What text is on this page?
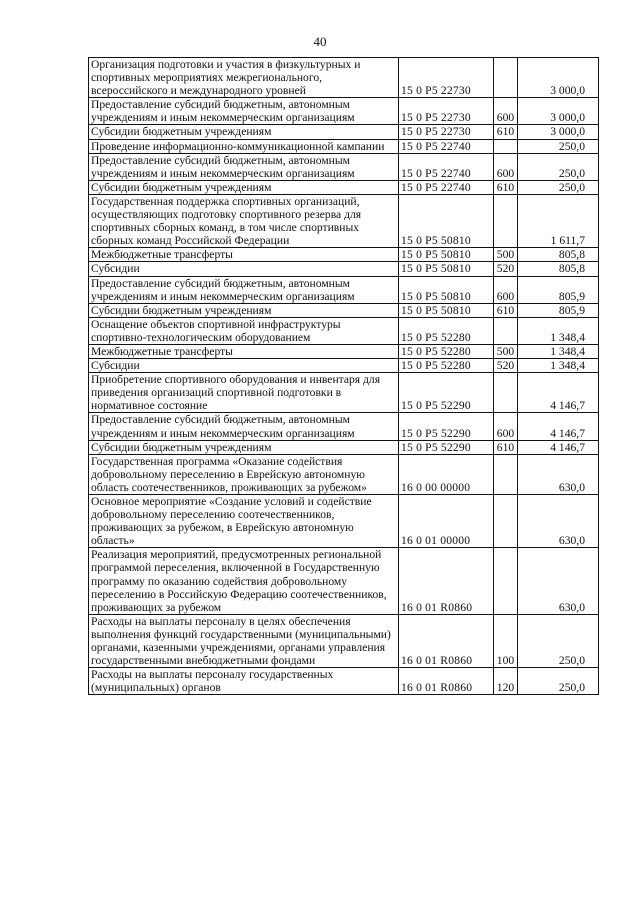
40
Организация подготовки и участия в физкультурных и спортивных мероприятиях межрегионального, всероссийского и международного уровней	15 0 Р5 22730		3 000,0
Предоставление субсидий бюджетным, автономным учреждениям и иным некоммерческим организациям	15 0 Р5 22730	600	3 000,0
Субсидии бюджетным учреждениям	15 0 Р5 22730	610	3 000,0
Проведение информационно-коммуникационной кампании	15 0 Р5 22740		250,0
Предоставление субсидий бюджетным, автономным учреждениям и иным некоммерческим организациям	15 0 Р5 22740	600	250,0
Субсидии бюджетным учреждениям	15 0 Р5 22740	610	250,0
Государственная поддержка спортивных организаций, осуществляющих подготовку спортивного резерва для спортивных сборных команд, в том числе спортивных сборных команд Российской Федерации	15 0 Р5 50810		1 611,7
Межбюджетные трансферты	15 0 Р5 50810	500	805,8
Субсидии	15 0 Р5 50810	520	805,8
Предоставление субсидий бюджетным, автономным учреждениям и иным некоммерческим организациям	15 0 Р5 50810	600	805,9
Субсидии бюджетным учреждениям	15 0 Р5 50810	610	805,9
Оснащение объектов спортивной инфраструктуры спортивно-технологическим оборудованием	15 0 Р5 52280		1 348,4
Межбюджетные трансферты	15 0 Р5 52280	500	1 348,4
Субсидии	15 0 Р5 52280	520	1 348,4
Приобретение спортивного оборудования и инвентаря для приведения организаций спортивной подготовки в нормативное состояние	15 0 Р5 52290		4 146,7
Предоставление субсидий бюджетным, автономным учреждениям и иным некоммерческим организациям	15 0 Р5 52290	600	4 146,7
Субсидии бюджетным учреждениям	15 0 Р5 52290	610	4 146,7
Государственная программа «Оказание содействия добровольному переселению в Еврейскую автономную область соотечественников, проживающих за рубежом»	16 0 00 00000		630,0
Основное мероприятие «Создание условий и содействие добровольному переселению соотечественников, проживающих за рубежом, в Еврейскую автономную область»	16 0 01 00000		630,0
Реализация мероприятий, предусмотренных региональной программой переселения, включенной в Государственную программу по оказанию содействия добровольному переселению в Российскую Федерацию соотечественников, проживающих за рубежом	16 0 01 R0860		630,0
Расходы на выплаты персоналу в целях обеспечения выполнения функций государственными (муниципальными) органами, казенными учреждениями, органами управления государственными внебюджетными фондами	16 0 01 R0860	100	250,0
Расходы на выплаты персоналу государственных (муниципальных) органов	16 0 01 R0860	120	250,0
